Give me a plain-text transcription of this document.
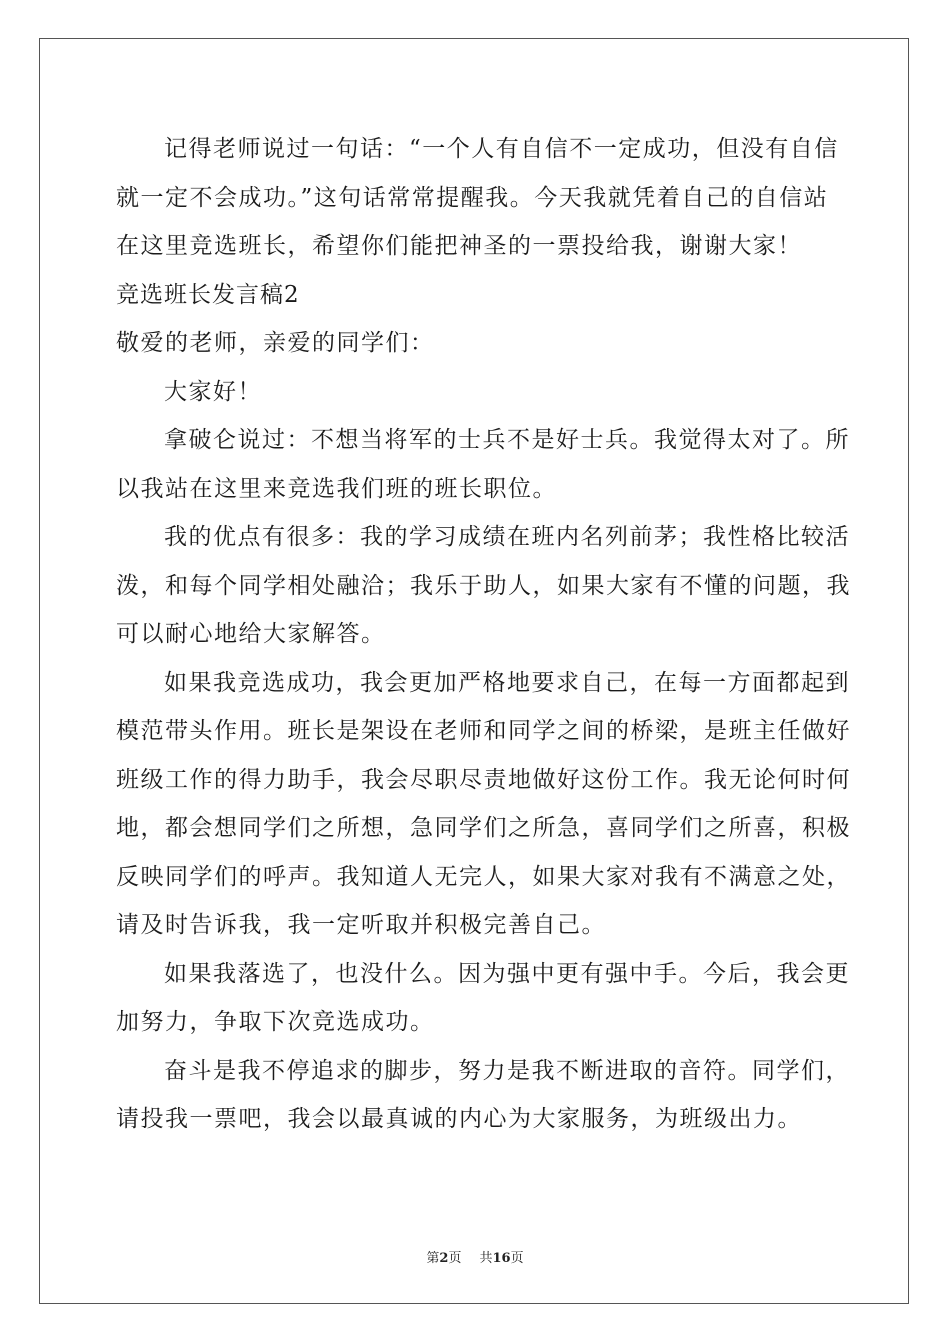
记得老师说过一句话：“一个人有自信不一定成功，但没有自信
就一定不会成功。”这句话常常提醒我。今天我就凭着自己的自信站
在这里竞选班长，希望你们能把神圣的一票投给我，谢谢大家！
竞选班长发言稿2
敬爱的老师，亲爱的同学们：
大家好！
拿破仑说过：不想当将军的士兵不是好士兵。我觉得太对了。所
以我站在这里来竞选我们班的班长职位。
我的优点有很多：我的学习成绩在班内名列前茅；我性格比较活
泼，和每个同学相处融洽；我乐于助人，如果大家有不懂的问题，我
可以耐心地给大家解答。
如果我竞选成功，我会更加严格地要求自己，在每一方面都起到
模范带头作用。班长是架设在老师和同学之间的桥梁，是班主任做好
班级工作的得力助手，我会尽职尽责地做好这份工作。我无论何时何
地，都会想同学们之所想，急同学们之所急，喜同学们之所喜，积极
反映同学们的呼声。我知道人无完人，如果大家对我有不满意之处，
请及时告诉我，我一定听取并积极完善自己。
如果我落选了，也没什么。因为强中更有强中手。今后，我会更
加努力，争取下次竞选成功。
奋斗是我不停追求的脚步，努力是我不断进取的音符。同学们，
请投我一票吧，我会以最真诚的内心为大家服务，为班级出力。
第2页 共16页
